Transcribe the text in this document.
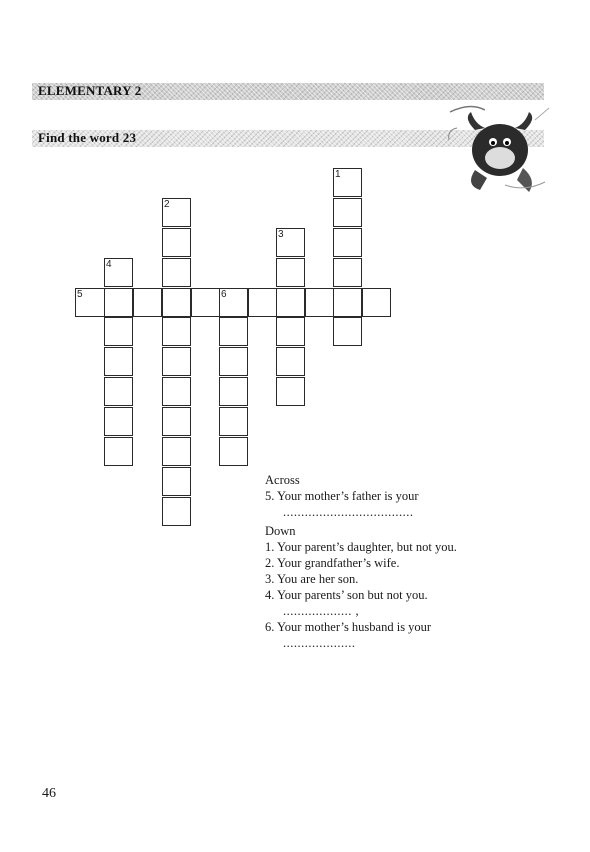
ELEMENTARY 2
Find the word 23
1
2
3
4
5	6
Across
5. Your mother’s father is your
....................................
Down
1. Your parent’s daughter, but not you.
2. Your grandfather’s wife.
3. You are her son.
4. Your parents’ son but not you.
................... ,
6. Your mother’s husband is your
....................
46
